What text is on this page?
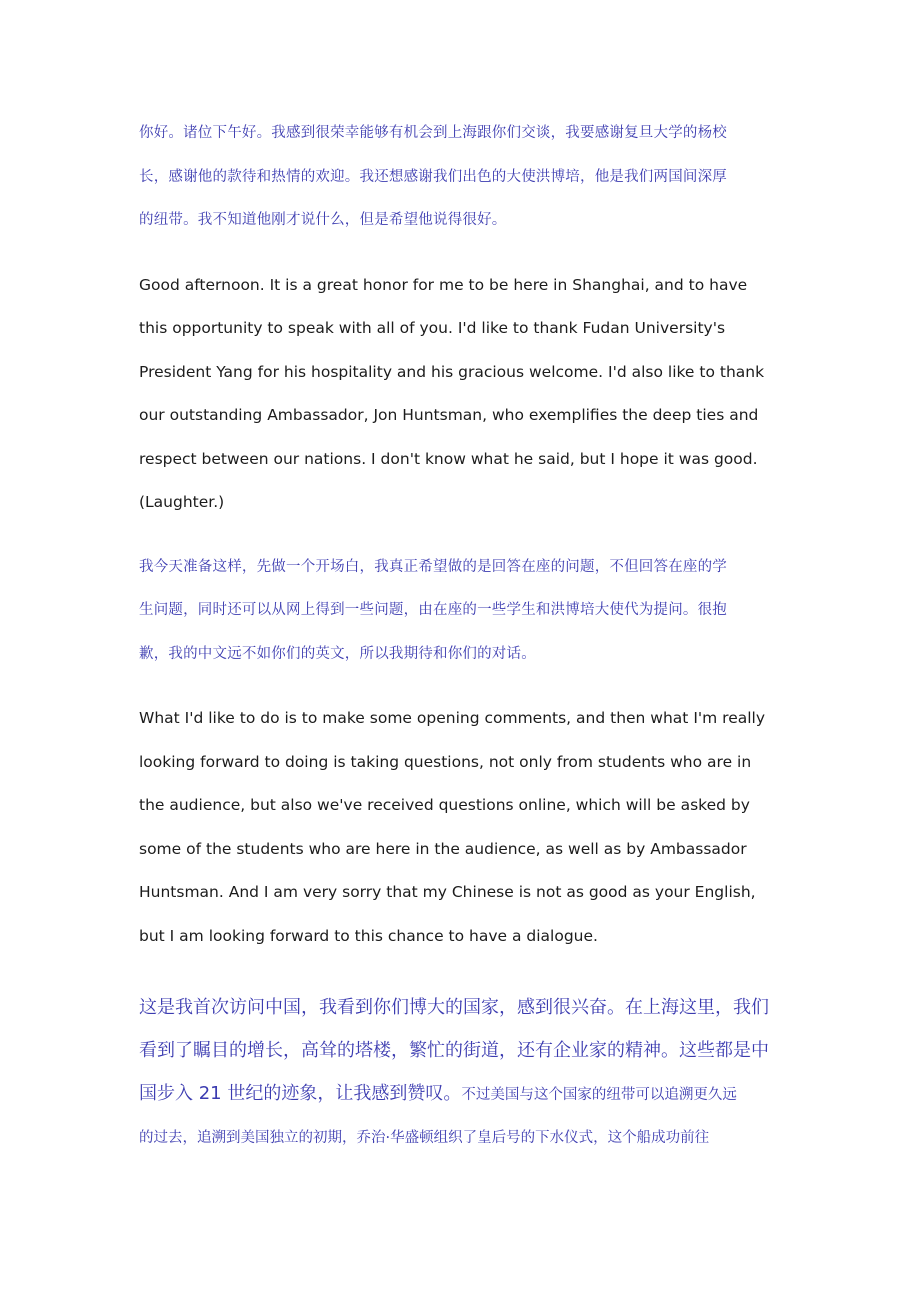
你好。诸位下午好。我感到很荣幸能够有机会到上海跟你们交谈，我要感谢复旦大学的杨校
长，感谢他的款待和热情的欢迎。我还想感谢我们出色的大使洪博培，他是我们两国间深厚
的纽带。我不知道他刚才说什么，但是希望他说得很好。

Good afternoon. It is a great honor for me to be here in Shanghai, and to have
this opportunity to speak with all of you. I'd like to thank Fudan University's
President Yang for his hospitality and his gracious welcome. I'd also like to thank
our outstanding Ambassador, Jon Huntsman, who exemplifies the deep ties and
respect between our nations. I don't know what he said, but I hope it was good.
(Laughter.)

我今天准备这样，先做一个开场白，我真正希望做的是回答在座的问题，不但回答在座的学
生问题，同时还可以从网上得到一些问题，由在座的一些学生和洪博培大使代为提问。很抱
歉，我的中文远不如你们的英文，所以我期待和你们的对话。

What I'd like to do is to make some opening comments, and then what I'm really
looking forward to doing is taking questions, not only from students who are in
the audience, but also we've received questions online, which will be asked by
some of the students who are here in the audience, as well as by Ambassador
Huntsman. And I am very sorry that my Chinese is not as good as your English,
but I am looking forward to this chance to have a dialogue.

这是我首次访问中国，我看到你们博大的国家，感到很兴奋。在上海这里，我们
看到了瞩目的增长，高耸的塔楼，繁忙的街道，还有企业家的精神。这些都是中
国步入 21 世纪的迹象，让我感到赞叹。不过美国与这个国家的纽带可以追溯更久远
的过去，追溯到美国独立的初期，乔治·华盛顿组织了皇后号的下水仪式，这个船成功前往
